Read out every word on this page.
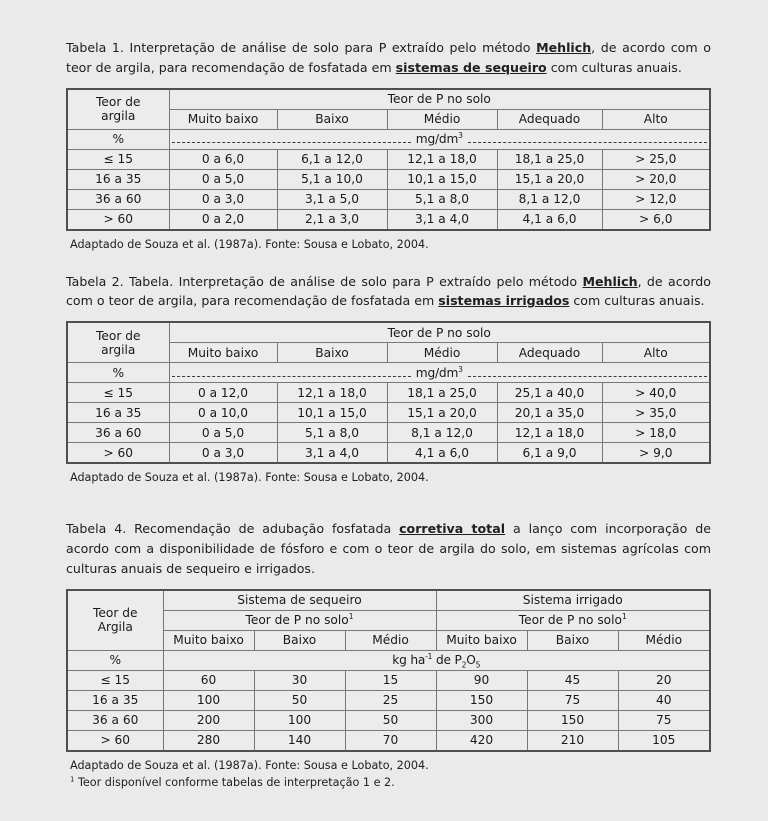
Tabela 1. Interpretação de análise de solo para P extraído pelo método Mehlich, de acordo com o teor de argila, para recomendação de fosfatada em sistemas de sequeiro com culturas anuais.

Teor de
argila	Teor de P no solo				
	Muito baixo	Baixo	Médio	Adequado	Alto
%	$mg/dm^3$

≤ 15	0 a 6,0	6,1 a 12,0	12,1 a 18,0	18,1 a 25,0	> 25,0
16 a 35	0 a 5,0	5,1 a 10,0	10,1 a 15,0	15,1 a 20,0	> 20,0
36 a 60	0 a 3,0	3,1 a 5,0	5,1 a 8,0	8,1 a 12,0	> 12,0
> 60	0 a 2,0	2,1 a 3,0	3,1 a 4,0	4,1 a 6,0	> 6,0

Adaptado de Souza et al. (1987a). Fonte: Sousa e Lobato, 2004.

Tabela 2. Tabela. Interpretação de análise de solo para P extraído pelo método Mehlich, de acordo com o teor de argila, para recomendação de fosfatada em sistemas irrigados com culturas anuais.

Teor de
argila	Teor de P no solo				
	Muito baixo	Baixo	Médio	Adequado	Alto
%	$mg/dm^3$

≤ 15	0 a 12,0	12,1 a 18,0	18,1 a 25,0	25,1 a 40,0	> 40,0
16 a 35	0 a 10,0	10,1 a 15,0	15,1 a 20,0	20,1 a 35,0	> 35,0
36 a 60	0 a 5,0	5,1 a 8,0	8,1 a 12,0	12,1 a 18,0	> 18,0
> 60	0 a 3,0	3,1 a 4,0	4,1 a 6,0	6,1 a 9,0	> 9,0

Adaptado de Souza et al. (1987a). Fonte: Sousa e Lobato, 2004.

Tabela 4. Recomendação de adubação fosfatada corretiva total a lanço com incorporação de acordo com a disponibilidade de fósforo e com o teor de argila do solo, em sistemas agrícolas com culturas anuais de sequeiro e irrigados.

Teor de
Argila	Sistema de sequeiro			Sistema irrigado		
	Teor de P no solo$^1$			Teor de P no solo$^1$
	Muito baixo	Baixo	Médio	Muito baixo	Baixo	Médio
%	kg $ha^{-1}$ de $P_2O_5$
≤ 15	60	30	15	90	45	20
16 a 35	100	50	25	150	75	40
36 a 60	200	100	50	300	150	75
> 60	280	140	70	420	210	105

Adaptado de Souza et al. (1987a). Fonte: Sousa e Lobato, 2004.

$^1$ Teor disponível conforme tabelas de interpretação 1 e 2.
